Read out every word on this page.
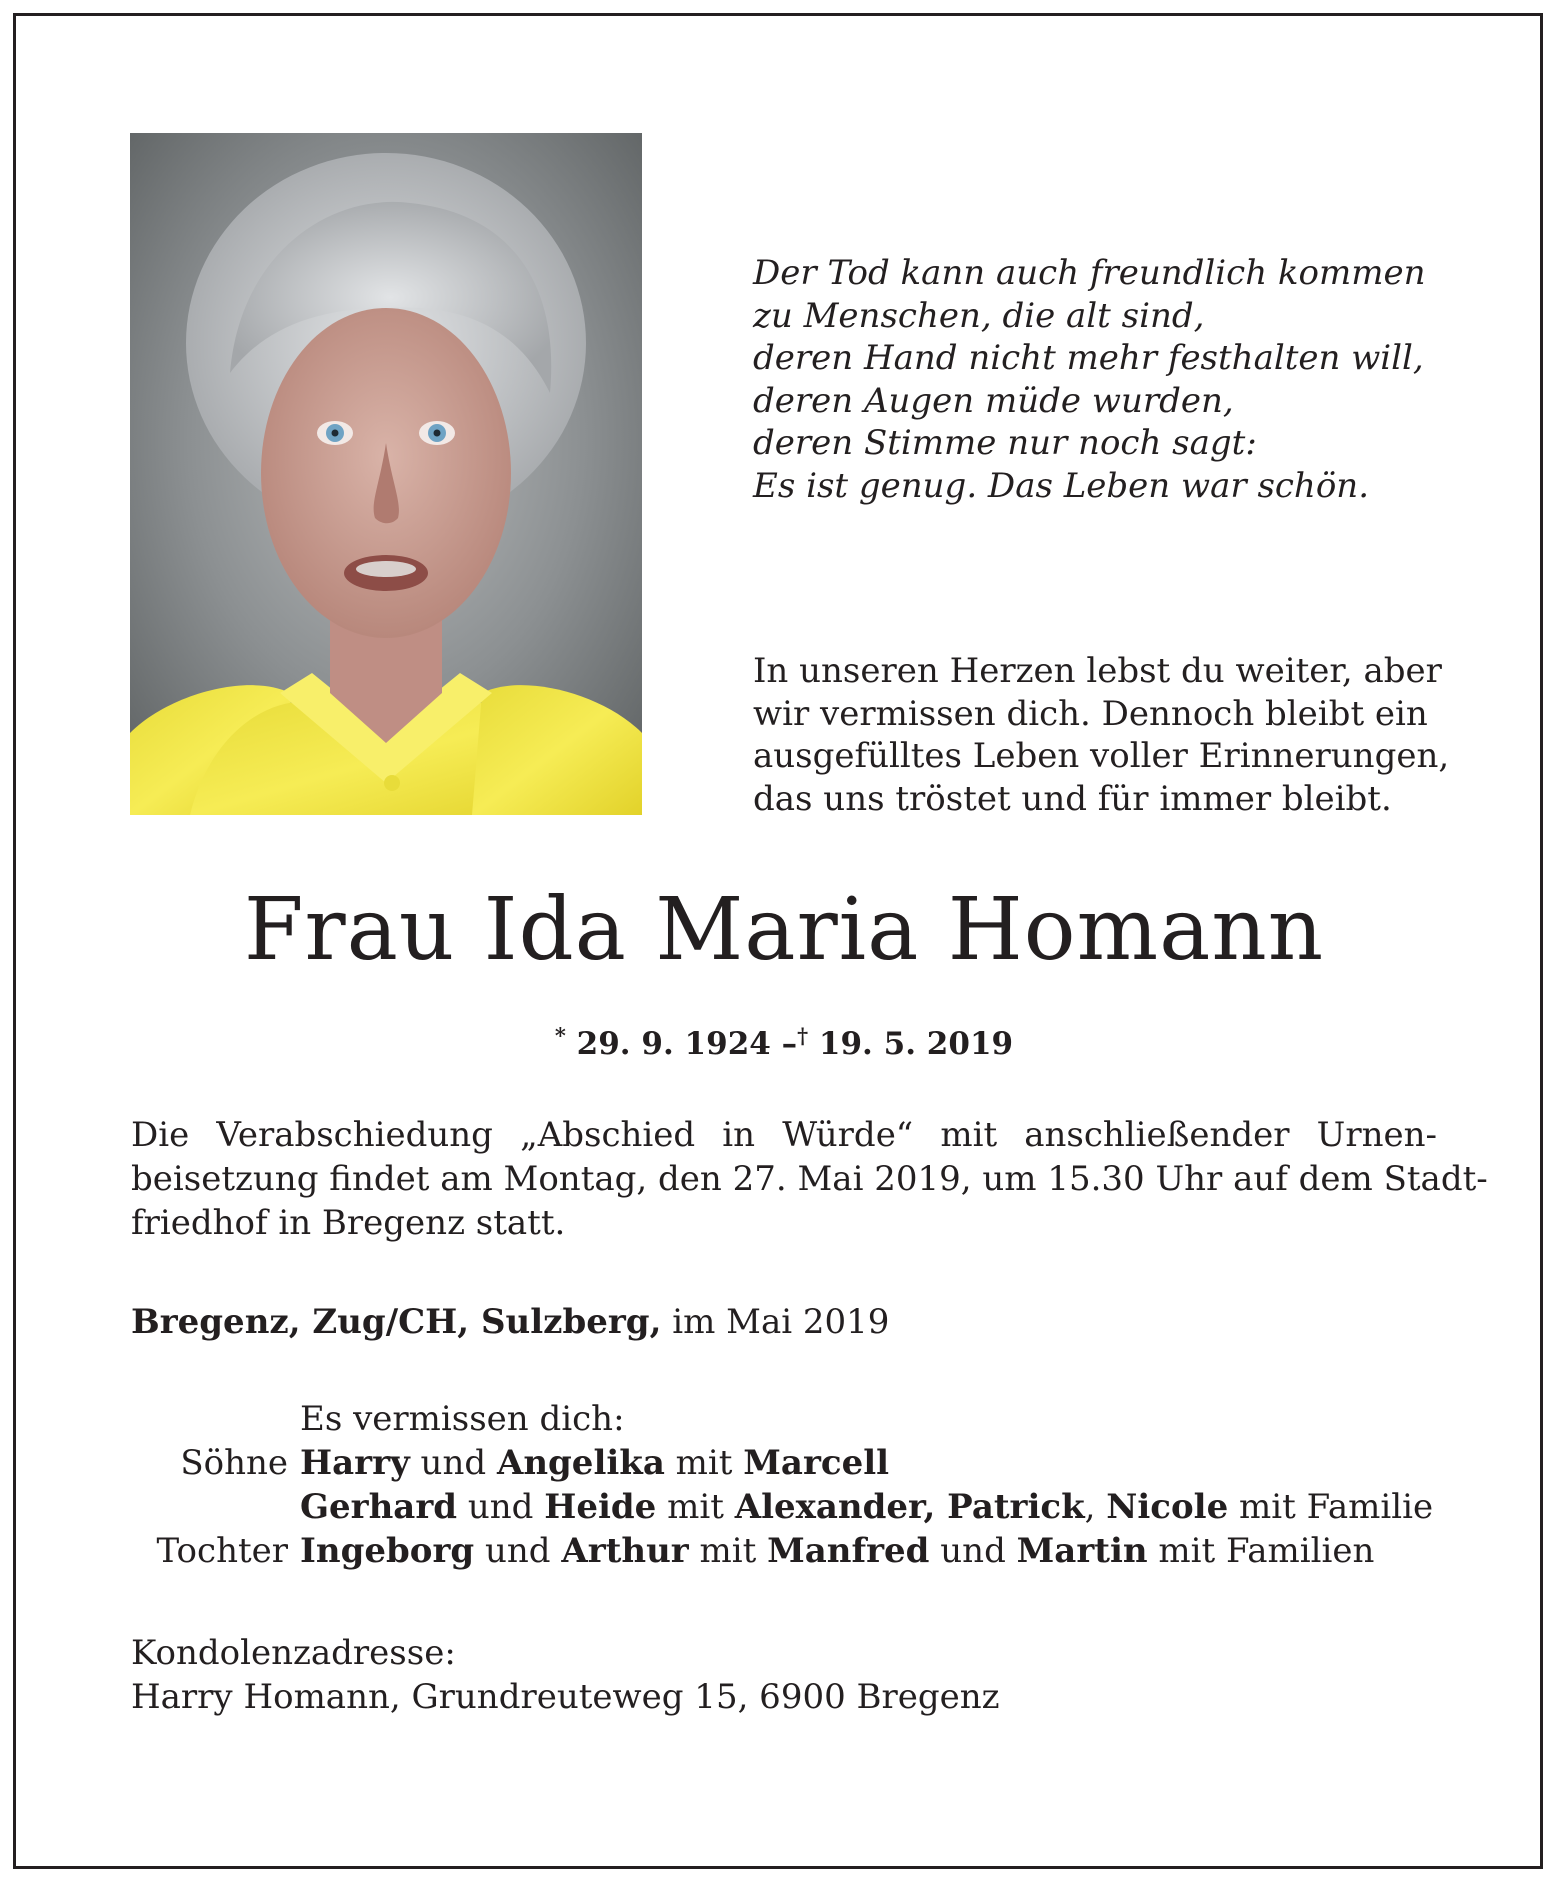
Der Tod kann auch freundlich kommen
zu Menschen, die alt sind,
deren Hand nicht mehr festhalten will,
deren Augen müde wurden,
deren Stimme nur noch sagt:
Es ist genug. Das Leben war schön.
In unseren Herzen lebst du weiter, aber
wir vermissen dich. Dennoch bleibt ein
ausgefülltes Leben voller Erinnerungen,
das uns tröstet und für immer bleibt.
Frau Ida Maria Homann
* 29. 9. 1924 –† 19. 5. 2019
Die Verabschiedung „Abschied in Würde“ mit anschließender Urnen-
beisetzung findet am Montag, den 27. Mai 2019, um 15.30 Uhr auf dem Stadt-
friedhof in Bregenz statt.
Bregenz, Zug/CH, Sulzberg, im Mai 2019
Es vermissen dich:
Söhne Harry und Angelika mit Marcell
Gerhard und Heide mit Alexander, Patrick, Nicole mit Familie
Tochter Ingeborg und Arthur mit Manfred und Martin mit Familien
Kondolenzadresse:
Harry Homann, Grundreuteweg 15, 6900 Bregenz
